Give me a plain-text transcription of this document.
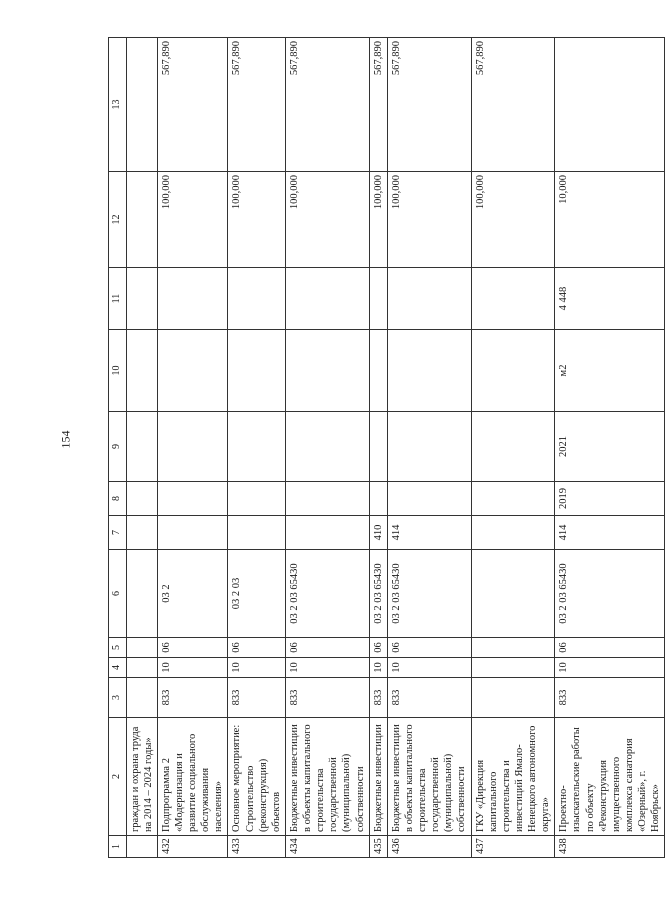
154
1	2	3	4	5	6	7	8	9	10	11	12	13
	граждан и охрана труда на 2014 – 2024 годы»											
432	Подпрограмма 2 «Модернизация и развитие социального обслуживания населения»	833	10	06	03 2						100,000	567,890
433	Основное мероприятие: Строительство (реконструкция) объектов	833	10	06	03 2 03						100,000	567,890
434	Бюджетные инвестиции в объекты капитального строительства государственной (муниципальной) собственности	833	10	06	03 2 03 65430						100,000	567,890
435	Бюджетные инвестиции	833	10	06	03 2 03 65430	410					100,000	567,890
436	Бюджетные инвестиции в объекты капитального строительства государственной (муниципальной) собственности	833	10	06	03 2 03 65430	414					100,000	567,890
437	ГКУ «Дирекция капитального строительства и инвестиций Ямало-Ненецкого автономного округа»										100,000	567,890
438	Проектно-изыскательские работы по объекту «Реконструкция имущественного комплекса санатория «Озерный», г. Ноябрьск»	833	10	06	03 2 03 65430	414	2019	2021	м2	4 448	10,000	
